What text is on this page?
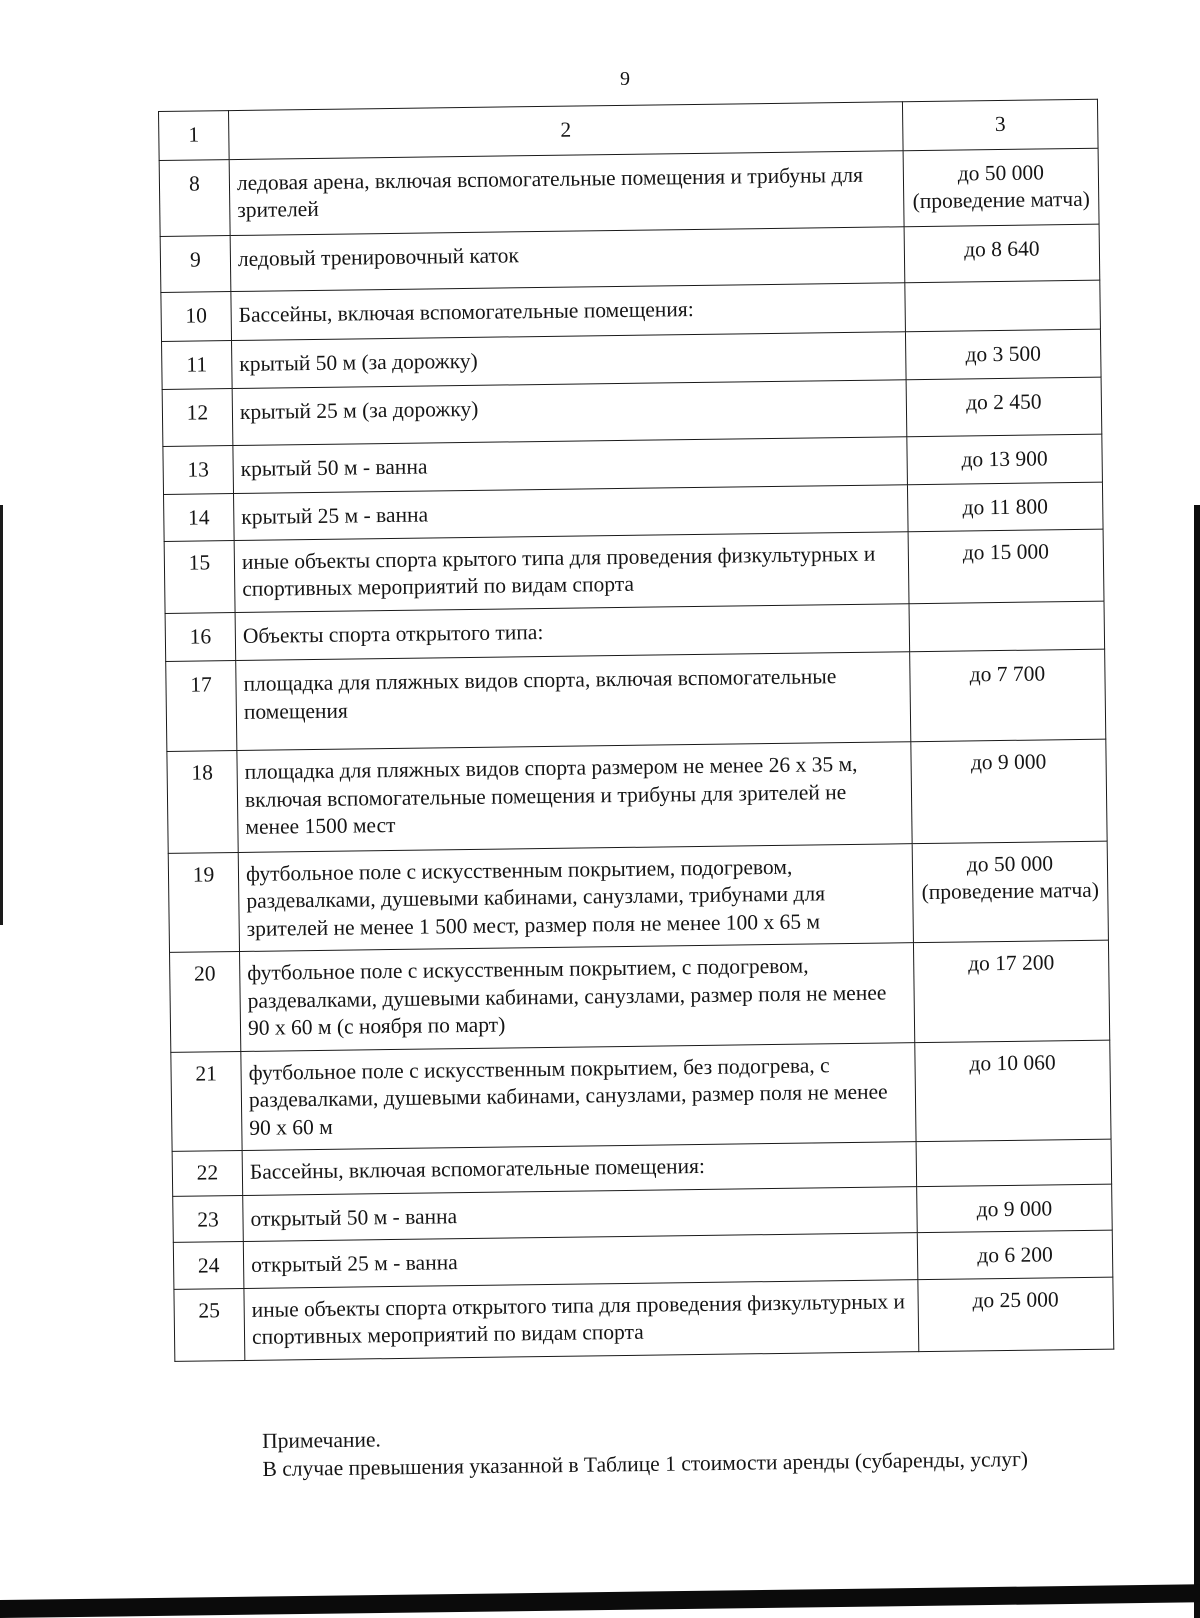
9
1	2	3
8	ледовая арена, включая вспомогательные помещения и трибуны для зрителей	до 50 000 (проведение матча)
9	ледовый тренировочный каток	до 8 640
10	Бассейны, включая вспомогательные помещения:	
11	крытый 50 м (за дорожку)	до 3 500
12	крытый 25 м (за дорожку)	до 2 450
13	крытый 50 м - ванна	до 13 900
14	крытый 25 м - ванна	до 11 800
15	иные объекты спорта крытого типа для проведения физкультурных и спортивных мероприятий по видам спорта	до 15 000
16	Объекты спорта открытого типа:	
17	площадка для пляжных видов спорта, включая вспомогательные помещения	до 7 700
18	площадка для пляжных видов спорта размером не менее 26 х 35 м, включая вспомогательные помещения и трибуны для зрителей не менее 1500 мест	до 9 000
19	футбольное поле с искусственным покрытием, подогревом, раздевалками, душевыми кабинами, санузлами, трибунами для зрителей не менее 1 500 мест, размер поля не менее 100 х 65 м	до 50 000 (проведение матча)
20	футбольное поле с искусственным покрытием, с подогревом, раздевалками, душевыми кабинами, санузлами, размер поля не менее 90 х 60 м (с ноября по март)	до 17 200
21	футбольное поле с искусственным покрытием, без подогрева, с раздевалками, душевыми кабинами, санузлами, размер поля не менее 90 х 60 м	до 10 060
22	Бассейны, включая вспомогательные помещения:	
23	открытый 50 м - ванна	до 9 000
24	открытый 25 м - ванна	до 6 200
25	иные объекты спорта открытого типа для проведения физкультурных и спортивных мероприятий по видам спорта	до 25 000
Примечание.
В случае превышения указанной в Таблице 1 стоимости аренды (субаренды, услуг)
